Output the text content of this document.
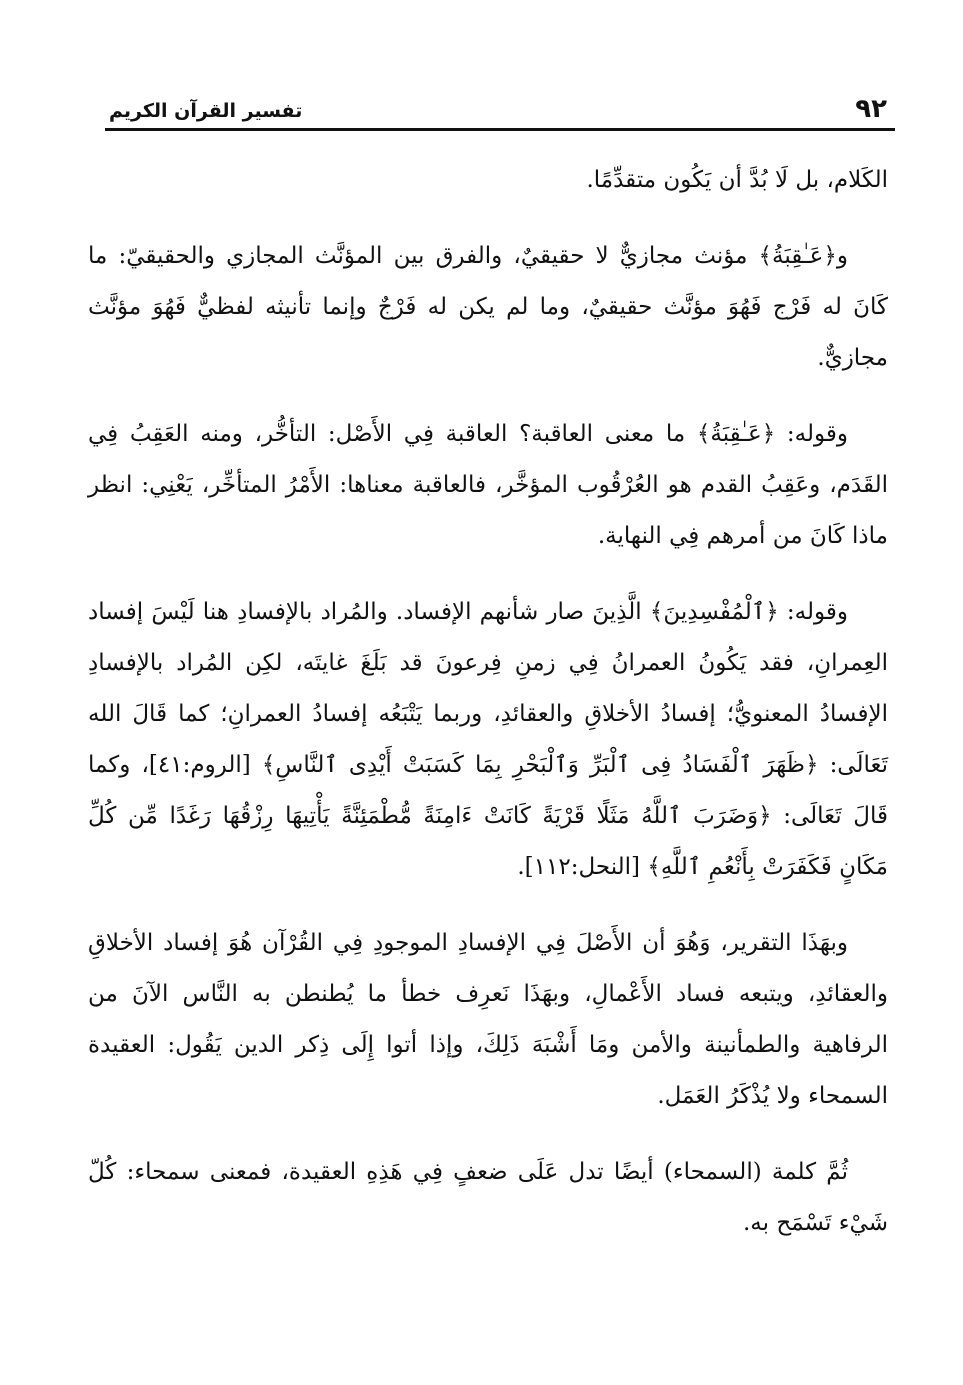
٩٢
تفسير القرآن الكريم

الكَلام، بل لَا بُدَّ أن يَكُون متقدِّمًا.

و﴿عَـٰقِبَةُ﴾ مؤنث مجازيٌّ لا حقيقيٌ، والفرق بين المؤنَّث المجازي والحقيقيّ: ما كَانَ له فَرْج فَهُوَ مؤنَّث حقيقيٌ، وما لم يكن له فَرْجٌ وإنما تأنيثه لفظيٌّ فَهُوَ مؤنَّث مجازيٌّ.

وقوله: ﴿عَـٰقِبَةُ﴾ ما معنى العاقبة؟ العاقبة فِي الأَصْل: التأخُّر، ومنه العَقِبُ فِي القَدَم، وعَقِبُ القدم هو العُرْقُوب المؤخَّر، فالعاقبة معناها: الأَمْرُ المتأخِّر، يَعْنِي: انظر ماذا كَانَ من أمرهم فِي النهاية.

وقوله: ﴿ٱلْمُفْسِدِينَ﴾ الَّذِينَ صار شأنهم الإفساد. والمُراد بالإفسادِ هنا لَيْسَ إفساد العِمرانِ، فقد يَكُونُ العمرانُ فِي زمنِ فِرعونَ قد بَلَغَ غايتَه، لكِن المُراد بالإفسادِ الإفسادُ المعنويُّ؛ إفسادُ الأخلاقِ والعقائدِ، وربما يَتْبَعُه إفسادُ العمرانِ؛ كما قَالَ الله تَعَالَى: ﴿ظَهَرَ ٱلْفَسَادُ فِى ٱلْبَرِّ وَٱلْبَحْرِ بِمَا كَسَبَتْ أَيْدِى ٱلنَّاسِ﴾ [الروم:٤١]، وكما قَالَ تَعَالَى: ﴿وَضَرَبَ ٱللَّهُ مَثَلًا قَرْيَةً كَانَتْ ءَامِنَةً مُّطْمَئِنَّةً يَأْتِيهَا رِزْقُهَا رَغَدًا مِّن كُلِّ مَكَانٍ فَكَفَرَتْ بِأَنْعُمِ ٱللَّهِ﴾ [النحل:١١٢].

وبهَذَا التقرير، وَهُوَ أن الأَصْلَ فِي الإفسادِ الموجودِ فِي القُرْآن هُوَ إفساد الأخلاقِ والعقائدِ، ويتبعه فساد الأَعْمالِ، وبهَذَا نَعرِف خطأ ما يُطنطن به النَّاس الآنَ من الرفاهية والطمأنينة والأمن ومَا أَشْبَهَ ذَلِكَ، وإذا أتوا إِلَى ذِكر الدين يَقُول: العقيدة السمحاء ولا يُذْكَرُ العَمَل.

ثُمَّ كلمة (السمحاء) أيضًا تدل عَلَى ضعفٍ فِي هَذِهِ العقيدة، فمعنى سمحاء: كُلّ شَيْء تَسْمَح به.
